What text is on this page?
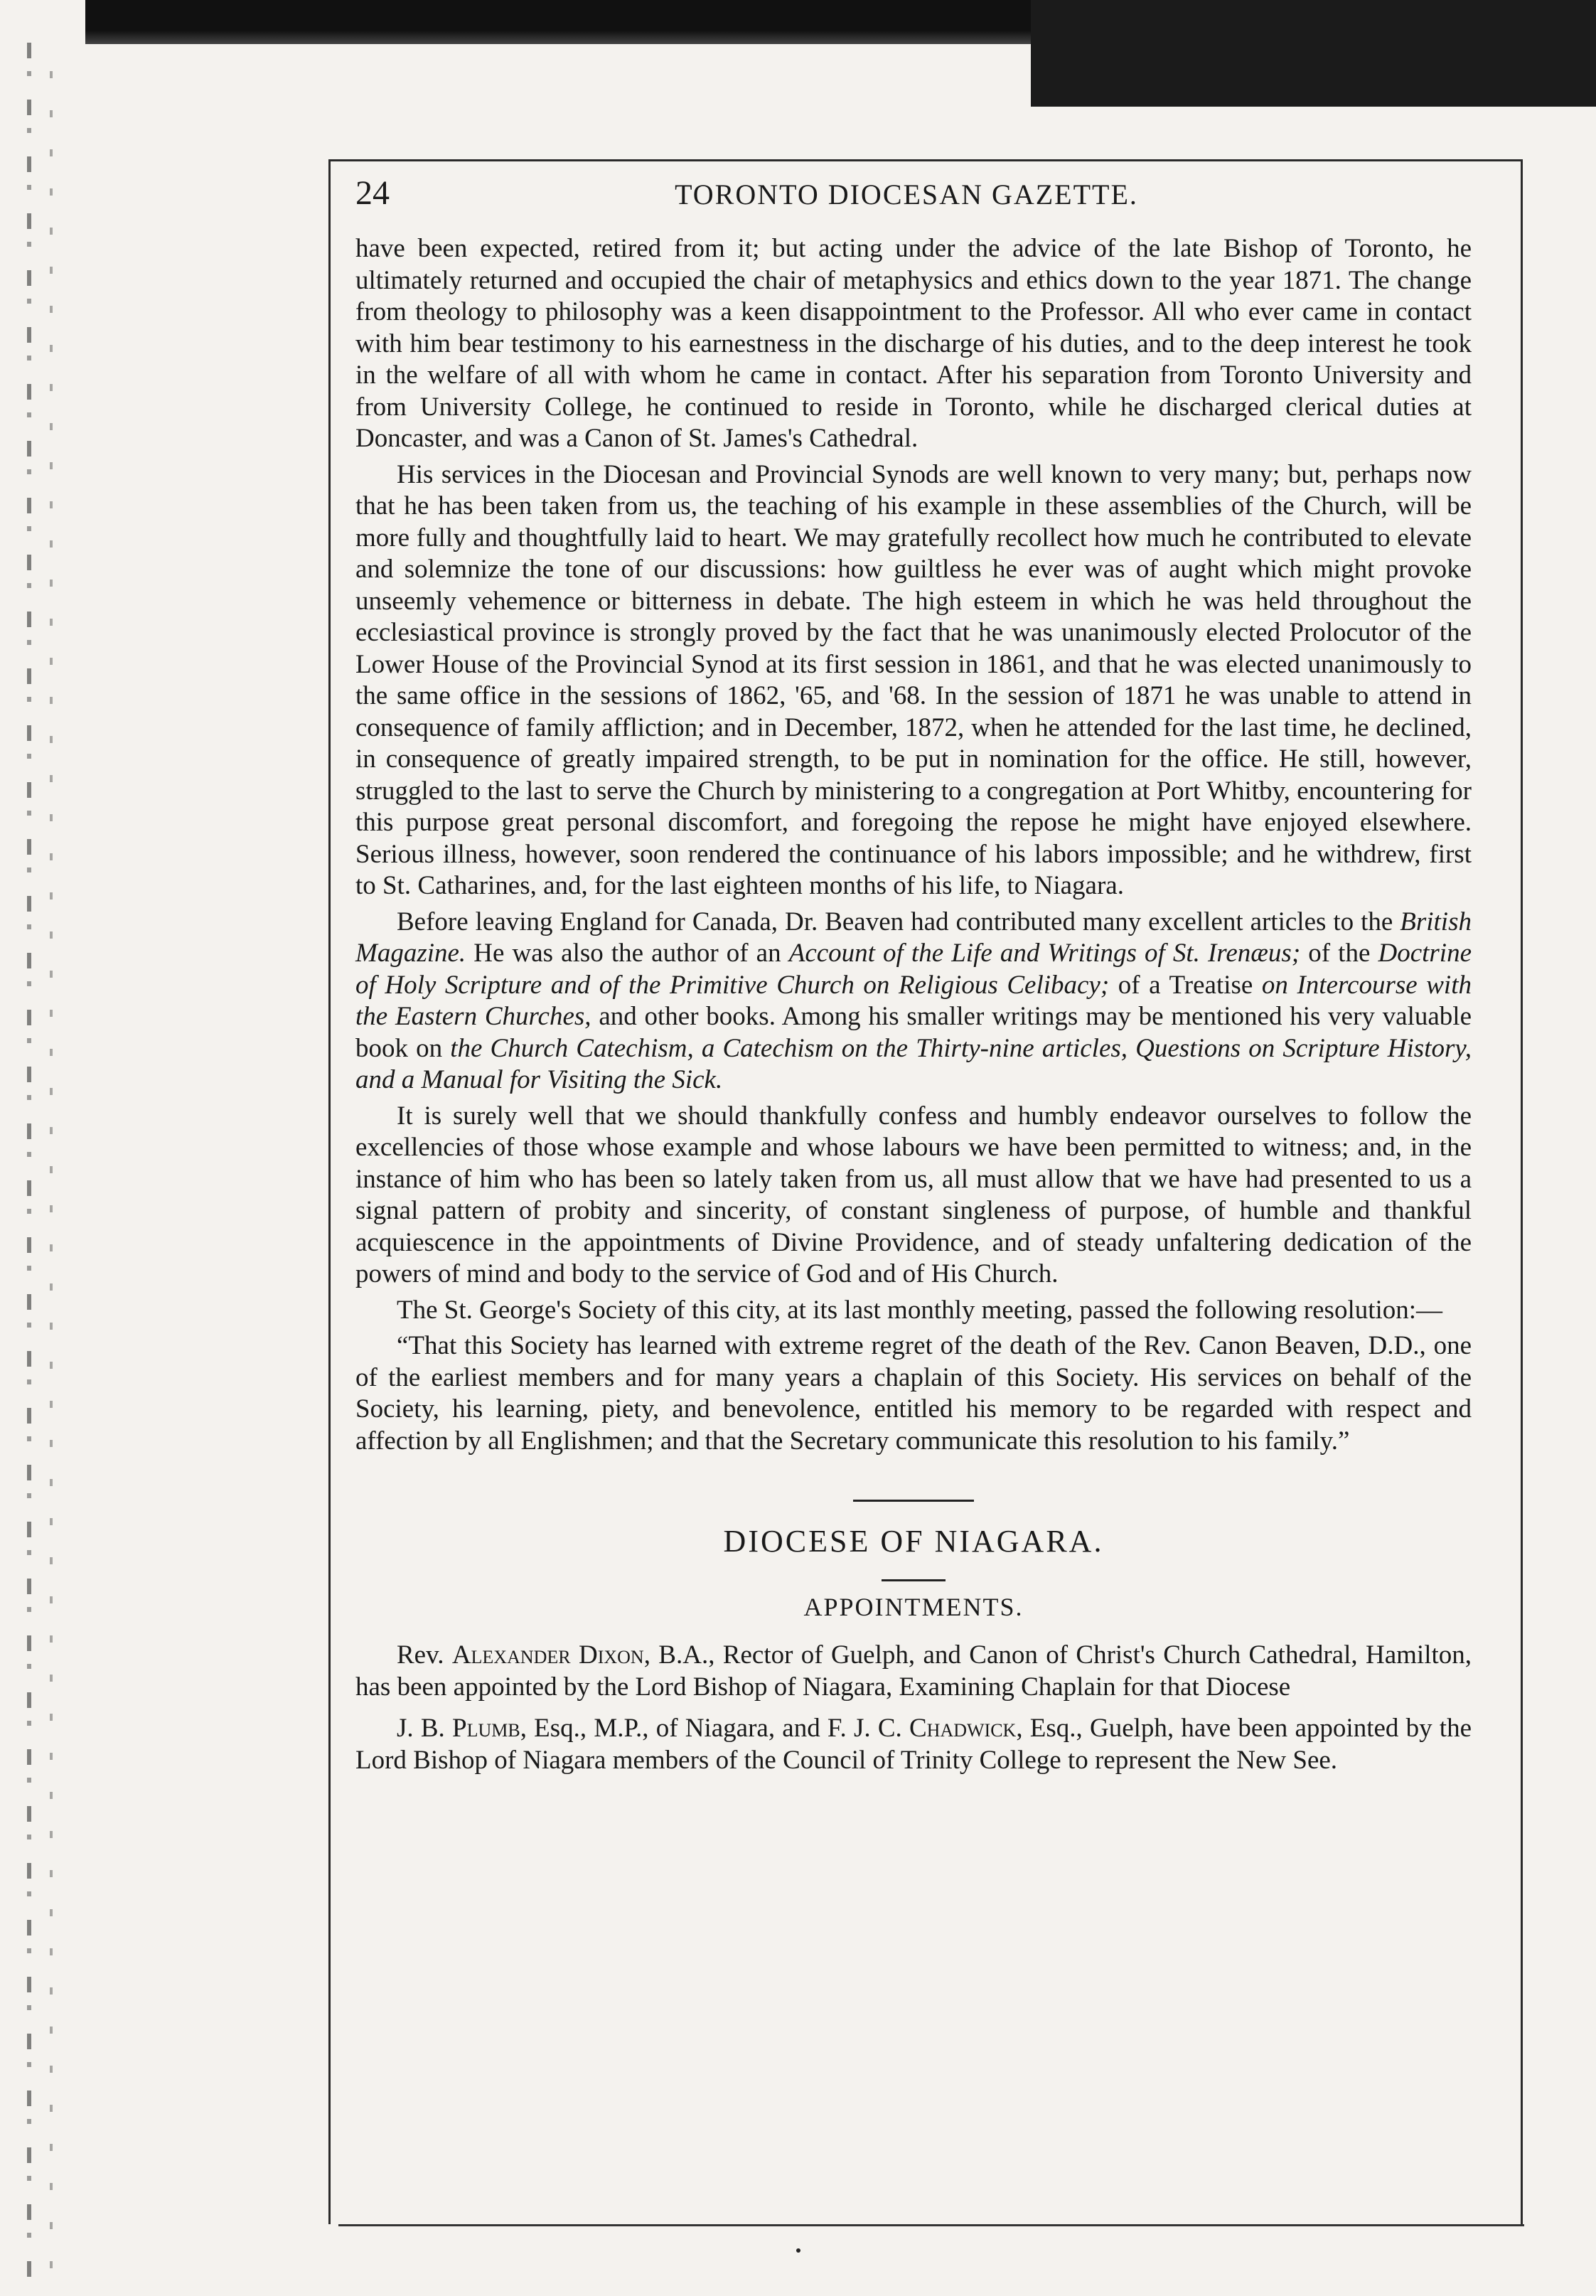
24	TORONTO DIOCESAN GAZETTE.

have been expected, retired from it; but acting under the advice of the late Bishop of Toronto, he ultimately returned and occupied the chair of metaphysics and ethics down to the year 1871. The change from theology to philosophy was a keen disappointment to the Professor. All who ever came in contact with him bear testimony to his earnestness in the discharge of his duties, and to the deep interest he took in the welfare of all with whom he came in contact. After his separation from Toronto University and from University College, he continued to reside in Toronto, while he discharged clerical duties at Doncaster, and was a Canon of St. James's Cathedral.

His services in the Diocesan and Provincial Synods are well known to very many; but, perhaps now that he has been taken from us, the teaching of his example in these assemblies of the Church, will be more fully and thoughtfully laid to heart. We may gratefully recollect how much he contributed to elevate and solemnize the tone of our discussions: how guiltless he ever was of aught which might provoke unseemly vehemence or bitterness in debate. The high esteem in which he was held throughout the ecclesiastical province is strongly proved by the fact that he was unanimously elected Prolocutor of the Lower House of the Provincial Synod at its first session in 1861, and that he was elected unanimously to the same office in the sessions of 1862, '65, and '68. In the session of 1871 he was unable to attend in consequence of family affliction; and in December, 1872, when he attended for the last time, he declined, in consequence of greatly impaired strength, to be put in nomination for the office. He still, however, struggled to the last to serve the Church by ministering to a congregation at Port Whitby, encountering for this purpose great personal discomfort, and foregoing the repose he might have enjoyed elsewhere. Serious illness, however, soon rendered the continuance of his labors impossible; and he withdrew, first to St. Catharines, and, for the last eighteen months of his life, to Niagara.

Before leaving England for Canada, Dr. Beaven had contributed many excellent articles to the British Magazine. He was also the author of an Account of the Life and Writings of St. Irenæus; of the Doctrine of Holy Scripture and of the Primitive Church on Religious Celibacy; of a Treatise on Intercourse with the Eastern Churches, and other books. Among his smaller writings may be mentioned his very valuable book on the Church Catechism, a Catechism on the Thirty-nine articles, Questions on Scripture History, and a Manual for Visiting the Sick.

It is surely well that we should thankfully confess and humbly endeavor ourselves to follow the excellencies of those whose example and whose labours we have been permitted to witness; and, in the instance of him who has been so lately taken from us, all must allow that we have had presented to us a signal pattern of probity and sincerity, of constant singleness of purpose, of humble and thankful acquiescence in the appointments of Divine Providence, and of steady unfaltering dedication of the powers of mind and body to the service of God and of His Church.

The St. George's Society of this city, at its last monthly meeting, passed the following resolution:—

“That this Society has learned with extreme regret of the death of the Rev. Canon Beaven, D.D., one of the earliest members and for many years a chaplain of this Society. His services on behalf of the Society, his learning, piety, and benevolence, entitled his memory to be regarded with respect and affection by all Englishmen; and that the Secretary communicate this resolution to his family.”

DIOCESE OF NIAGARA.
APPOINTMENTS.

Rev. Alexander Dixon, B.A., Rector of Guelph, and Canon of Christ's Church Cathedral, Hamilton, has been appointed by the Lord Bishop of Niagara, Examining Chaplain for that Diocese

J. B. Plumb, Esq., M.P., of Niagara, and F. J. C. Chadwick, Esq., Guelph, have been appointed by the Lord Bishop of Niagara members of the Council of Trinity College to represent the New See.
